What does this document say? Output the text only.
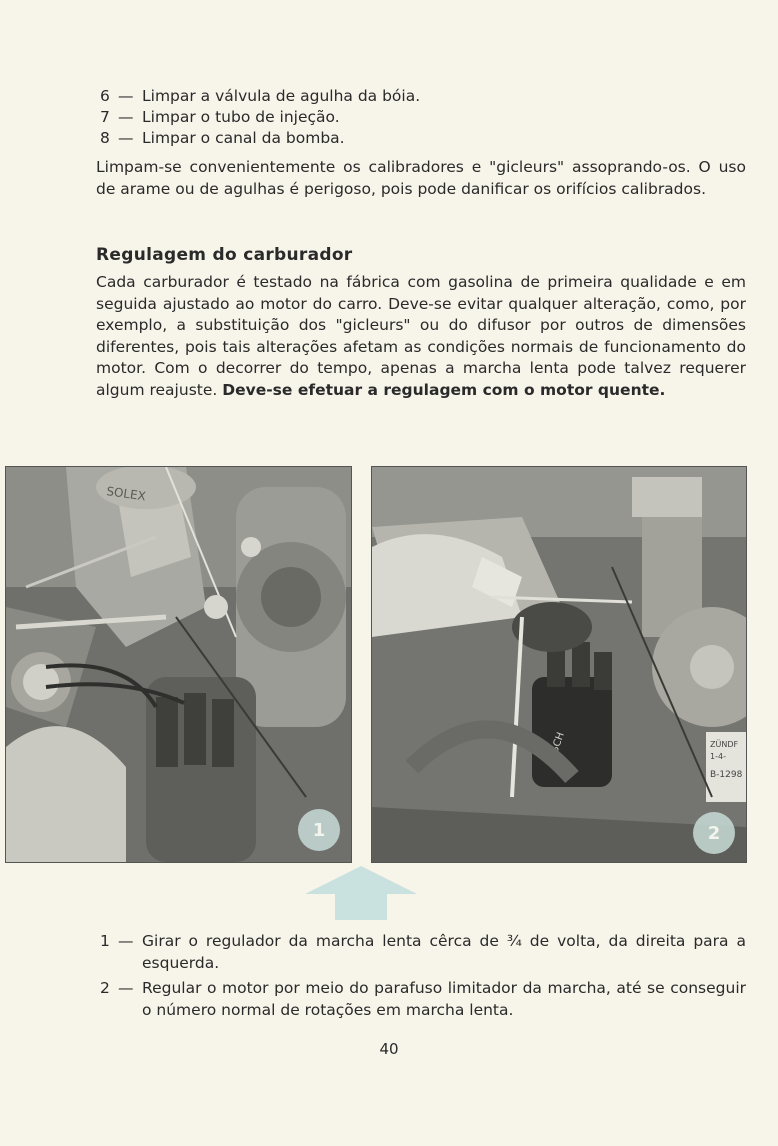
6 — Limpar a válvula de agulha da bóia.
7 — Limpar o tubo de injeção.
8 — Limpar o canal da bomba.

Limpam-se convenientemente os calibradores e "gicleurs" assoprando-os. O uso de arame ou de agulhas é perigoso, pois pode danificar os orifícios calibrados.

Regulagem do carburador

Cada carburador é testado na fábrica com gasolina de primeira qualidade e em seguida ajustado ao motor do carro. Deve-se evitar qualquer alteração, como, por exemplo, a substituição dos "gicleurs" ou do difusor por outros de dimensões diferentes, pois tais alterações afetam as condições normais de funcionamento do motor. Com o decorrer do tempo, apenas a marcha lenta pode talvez requerer algum reajuste. Deve-se efetuar a regulagem com o motor quente.

SOLEX
1
BOSCH	ZÜNDF
1-4-
B-1298
2
1 — Girar o regulador da marcha lenta cêrca de ¾ de volta, da direita para a esquerda.
2 — Regular o motor por meio do parafuso limitador da marcha, até se conseguir o número normal de rotações em marcha lenta.
40
